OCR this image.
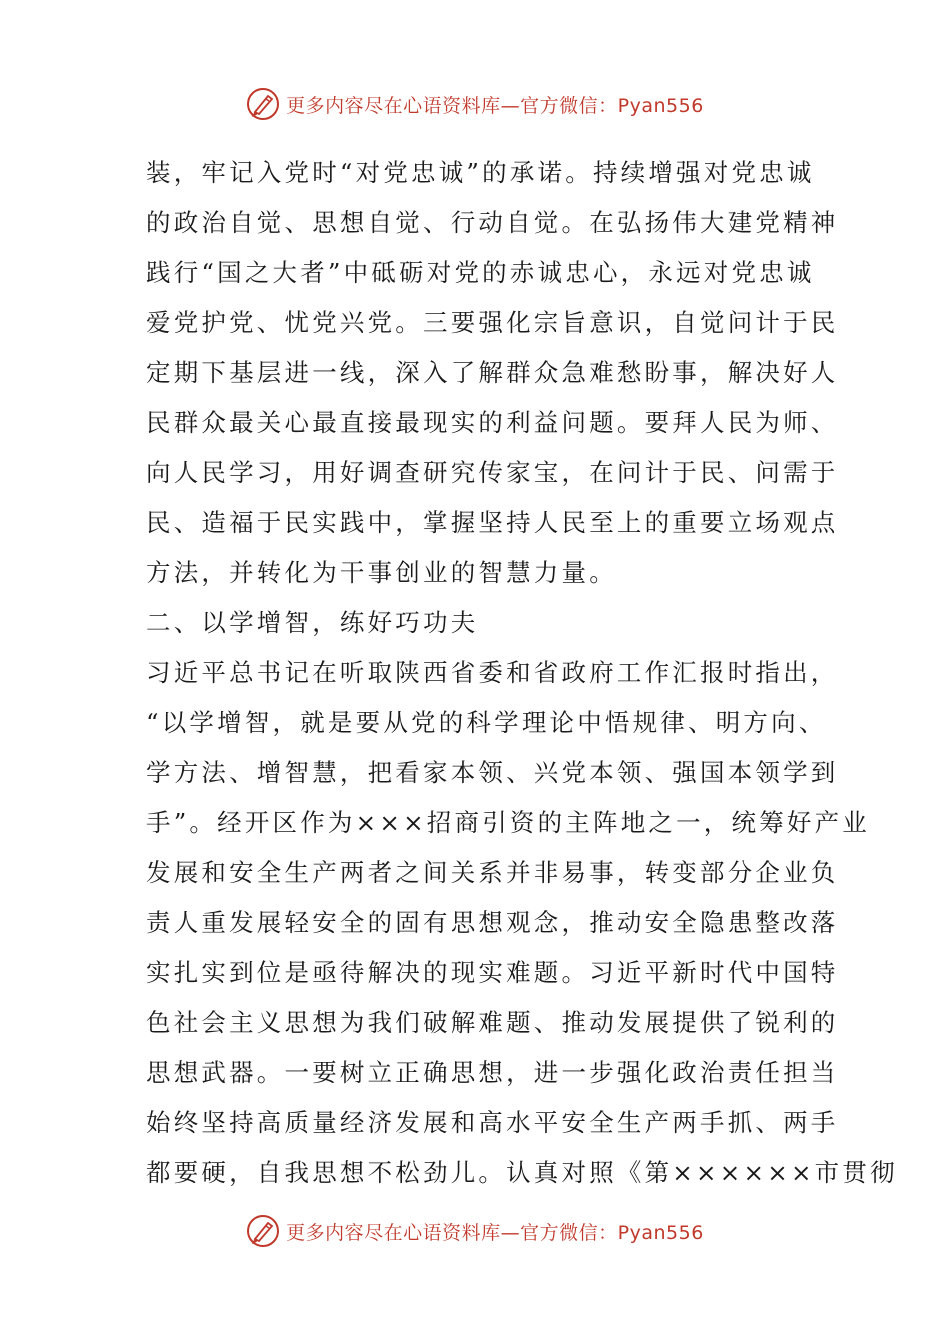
更多内容尽在心语资料库—官方微信：Pyan556
装，牢记入党时“对党忠诚”的承诺。持续增强对党忠诚
的政治自觉、思想自觉、行动自觉。在弘扬伟大建党精神
践行“国之大者”中砥砺对党的赤诚忠心，永远对党忠诚
爱党护党、忧党兴党。三要强化宗旨意识，自觉问计于民
定期下基层进一线，深入了解群众急难愁盼事，解决好人
民群众最关心最直接最现实的利益问题。要拜人民为师、
向人民学习，用好调查研究传家宝，在问计于民、问需于
民、造福于民实践中，掌握坚持人民至上的重要立场观点
方法，并转化为干事创业的智慧力量。
二、以学增智，练好巧功夫
习近平总书记在听取陕西省委和省政府工作汇报时指出，
“以学增智，就是要从党的科学理论中悟规律、明方向、
学方法、增智慧，把看家本领、兴党本领、强国本领学到
手”。经开区作为×××招商引资的主阵地之一，统筹好产业
发展和安全生产两者之间关系并非易事，转变部分企业负
责人重发展轻安全的固有思想观念，推动安全隐患整改落
实扎实到位是亟待解决的现实难题。习近平新时代中国特
色社会主义思想为我们破解难题、推动发展提供了锐利的
思想武器。一要树立正确思想，进一步强化政治责任担当
始终坚持高质量经济发展和高水平安全生产两手抓、两手
都要硬，自我思想不松劲儿。认真对照《第××××××市贯彻
更多内容尽在心语资料库—官方微信：Pyan556
